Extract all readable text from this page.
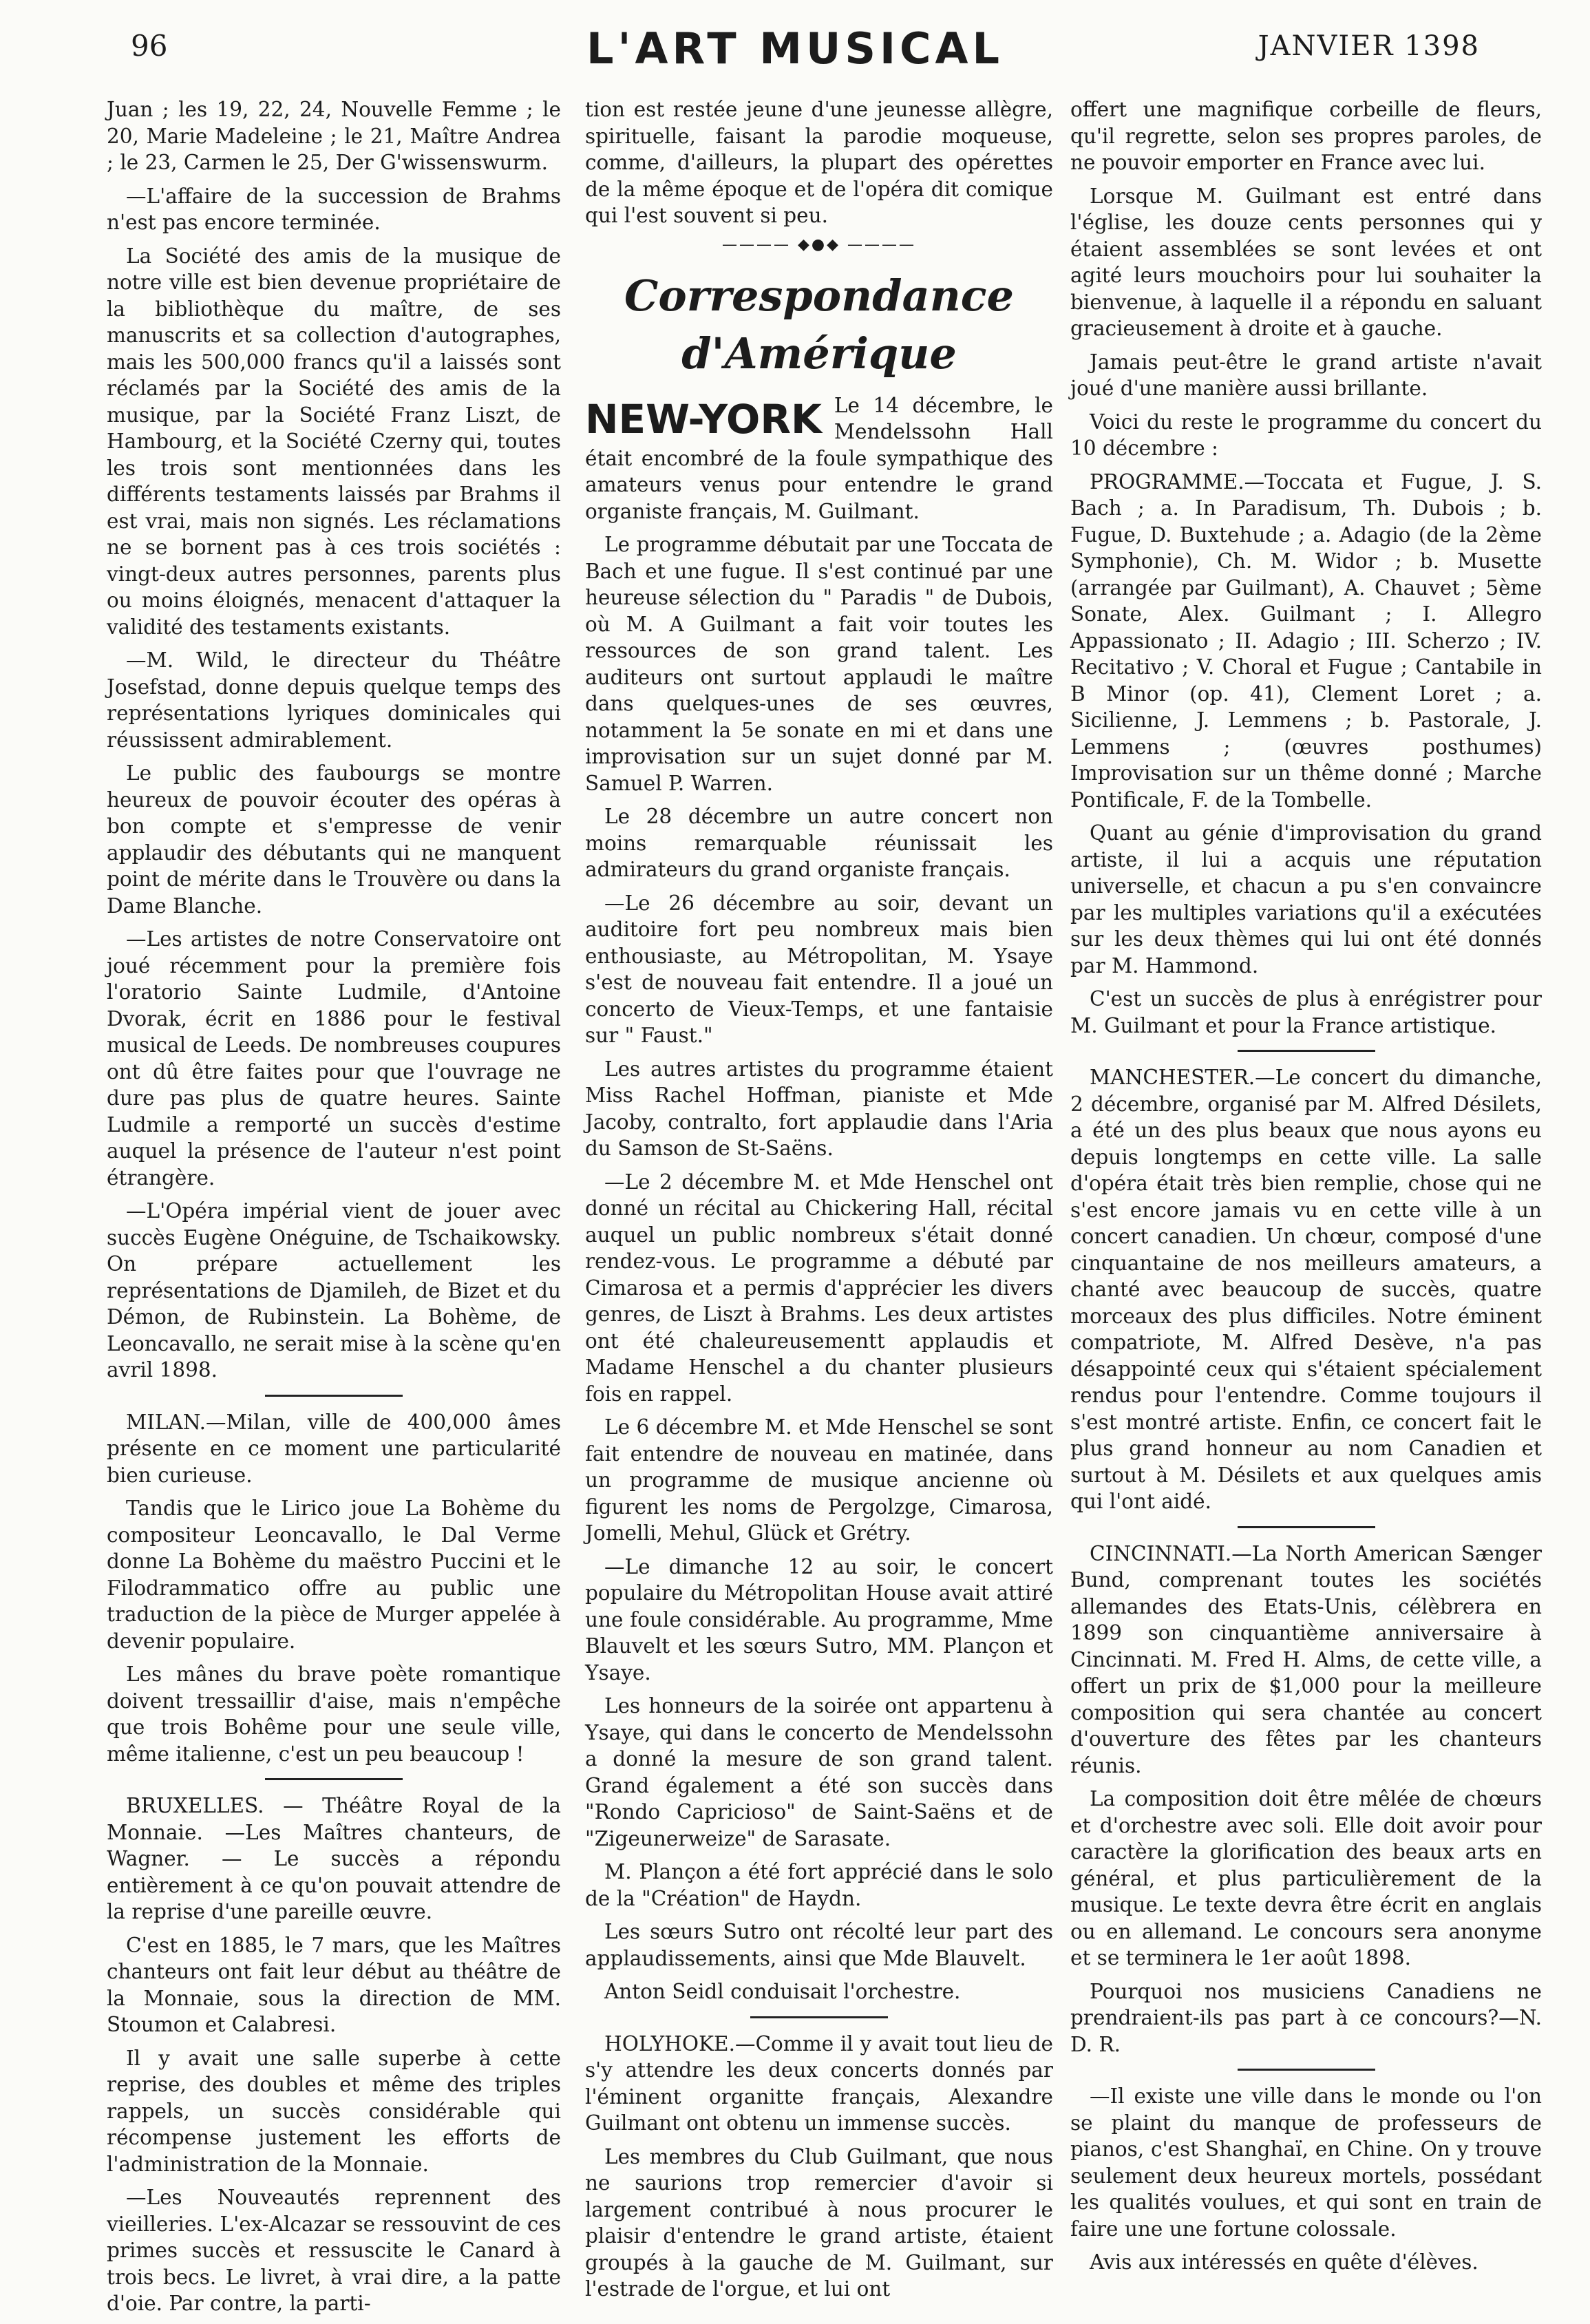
96	L'ART MUSICAL	JANVIER 1398

Juan ; les 19, 22, 24, Nouvelle Femme ; le 20, Marie Madeleine ; le 21, Maître Andrea ; le 23, Carmen le 25, Der G'wissenswurm.

—L'affaire de la succession de Brahms n'est pas encore terminée.

La Société des amis de la musique de notre ville est bien devenue propriétaire de la bibliothèque du maître, de ses manuscrits et sa collection d'autographes, mais les 500,000 francs qu'il a laissés sont réclamés par la Société des amis de la musique, par la Société Franz Liszt, de Hambourg, et la Société Czerny qui, toutes les trois sont mentionnées dans les différents testaments laissés par Brahms il est vrai, mais non signés. Les réclamations ne se bornent pas à ces trois sociétés : vingt-deux autres personnes, parents plus ou moins éloignés, menacent d'attaquer la validité des testaments existants.

—M. Wild, le directeur du Théâtre Josefstad, donne depuis quelque temps des représentations lyriques dominicales qui réussissent admirablement.

Le public des faubourgs se montre heureux de pouvoir écouter des opéras à bon compte et s'empresse de venir applaudir des débutants qui ne manquent point de mérite dans le Trouvère ou dans la Dame Blanche.

—Les artistes de notre Conservatoire ont joué récemment pour la première fois l'oratorio Sainte Ludmile, d'Antoine Dvorak, écrit en 1886 pour le festival musical de Leeds. De nombreuses coupures ont dû être faites pour que l'ouvrage ne dure pas plus de quatre heures. Sainte Ludmile a remporté un succès d'estime auquel la présence de l'auteur n'est point étrangère.

—L'Opéra impérial vient de jouer avec succès Eugène Onéguine, de Tschaikowsky. On prépare actuellement les représentations de Djamileh, de Bizet et du Démon, de Rubinstein. La Bohème, de Leoncavallo, ne serait mise à la scène qu'en avril 1898.

MILAN.—Milan, ville de 400,000 âmes présente en ce moment une particularité bien curieuse.

Tandis que le Lirico joue La Bohème du compositeur Leoncavallo, le Dal Verme donne La Bohème du maëstro Puccini et le Filodrammatico offre au public une traduction de la pièce de Murger appelée à devenir populaire.

Les mânes du brave poète romantique doivent tressaillir d'aise, mais n'empêche que trois Bohême pour une seule ville, même italienne, c'est un peu beaucoup !

BRUXELLES. — Théâtre Royal de la Monnaie. —Les Maîtres chanteurs, de Wagner. — Le succès a répondu entièrement à ce qu'on pouvait attendre de la reprise d'une pareille œuvre.

C'est en 1885, le 7 mars, que les Maîtres chanteurs ont fait leur début au théâtre de la Monnaie, sous la direction de MM. Stoumon et Calabresi.

Il y avait une salle superbe à cette reprise, des doubles et même des triples rappels, un succès considérable qui récompense justement les efforts de l'administration de la Monnaie.

—Les Nouveautés reprennent des vieilleries. L'ex-Alcazar se ressouvint de ces primes succès et ressuscite le Canard à trois becs. Le livret, à vrai dire, a la patte d'oie. Par contre, la parti-

tion est restée jeune d'une jeunesse allègre, spirituelle, faisant la parodie moqueuse, comme, d'ailleurs, la plupart des opérettes de la même époque et de l'opéra dit comique qui l'est souvent si peu.

———— ◆●◆ ————
Correspondance d'Amérique
NEW-YORK Le 14 décembre, le Mendelssohn Hall était encombré de la foule sympathique des amateurs venus pour entendre le grand organiste français, M. Guilmant.

Le programme débutait par une Toccata de Bach et une fugue. Il s'est continué par une heureuse sélection du " Paradis " de Dubois, où M. A Guilmant a fait voir toutes les ressources de son grand talent. Les auditeurs ont surtout applaudi le maître dans quelques-unes de ses œuvres, notamment la 5e sonate en mi et dans une improvisation sur un sujet donné par M. Samuel P. Warren.

Le 28 décembre un autre concert non moins remarquable réunissait les admirateurs du grand organiste français.

—Le 26 décembre au soir, devant un auditoire fort peu nombreux mais bien enthousiaste, au Métropolitan, M. Ysaye s'est de nouveau fait entendre. Il a joué un concerto de Vieux-Temps, et une fantaisie sur " Faust."

Les autres artistes du programme étaient Miss Rachel Hoffman, pianiste et Mde Jacoby, contralto, fort applaudie dans l'Aria du Samson de St-Saëns.

—Le 2 décembre M. et Mde Henschel ont donné un récital au Chickering Hall, récital auquel un public nombreux s'était donné rendez-vous. Le programme a débuté par Cimarosa et a permis d'apprécier les divers genres, de Liszt à Brahms. Les deux artistes ont été chaleureusementt applaudis et Madame Henschel a du chanter plusieurs fois en rappel.

Le 6 décembre M. et Mde Henschel se sont fait entendre de nouveau en matinée, dans un programme de musique ancienne où figurent les noms de Pergolzge, Cimarosa, Jomelli, Mehul, Glück et Grétry.

—Le dimanche 12 au soir, le concert populaire du Métropolitan House avait attiré une foule considérable. Au programme, Mme Blauvelt et les sœurs Sutro, MM. Plançon et Ysaye.

Les honneurs de la soirée ont appartenu à Ysaye, qui dans le concerto de Mendelssohn a donné la mesure de son grand talent. Grand également a été son succès dans "Rondo Capricioso" de Saint-Saëns et de "Zigeunerweize" de Sarasate.

M. Plançon a été fort apprécié dans le solo de la "Création" de Haydn.

Les sœurs Sutro ont récolté leur part des applaudissements, ainsi que Mde Blauvelt.

Anton Seidl conduisait l'orchestre.

HOLYHOKE.—Comme il y avait tout lieu de s'y attendre les deux concerts donnés par l'éminent organitte français, Alexandre Guilmant ont obtenu un immense succès.

Les membres du Club Guilmant, que nous ne saurions trop remercier d'avoir si largement contribué à nous procurer le plaisir d'entendre le grand artiste, étaient groupés à la gauche de M. Guilmant, sur l'estrade de l'orgue, et lui ont

offert une magnifique corbeille de fleurs, qu'il regrette, selon ses propres paroles, de ne pouvoir emporter en France avec lui.

Lorsque M. Guilmant est entré dans l'église, les douze cents personnes qui y étaient assemblées se sont levées et ont agité leurs mouchoirs pour lui souhaiter la bienvenue, à laquelle il a répondu en saluant gracieusement à droite et à gauche.

Jamais peut-être le grand artiste n'avait joué d'une manière aussi brillante.

Voici du reste le programme du concert du 10 décembre :

PROGRAMME.—Toccata et Fugue, J. S. Bach ; a. In Paradisum, Th. Dubois ; b. Fugue, D. Buxtehude ; a. Adagio (de la 2ème Symphonie), Ch. M. Widor ; b. Musette (arrangée par Guilmant), A. Chauvet ; 5ème Sonate, Alex. Guilmant ; I. Allegro Appassionato ; II. Adagio ; III. Scherzo ; IV. Recitativo ; V. Choral et Fugue ; Cantabile in B Minor (op. 41), Clement Loret ; a. Sicilienne, J. Lemmens ; b. Pastorale, J. Lemmens ; (œuvres posthumes) Improvisation sur un thême donné ; Marche Pontificale, F. de la Tombelle.

Quant au génie d'improvisation du grand artiste, il lui a acquis une réputation universelle, et chacun a pu s'en convaincre par les multiples variations qu'il a exécutées sur les deux thèmes qui lui ont été donnés par M. Hammond.

C'est un succès de plus à enrégistrer pour M. Guilmant et pour la France artistique.

MANCHESTER.—Le concert du dimanche, 2 décembre, organisé par M. Alfred Désilets, a été un des plus beaux que nous ayons eu depuis longtemps en cette ville. La salle d'opéra était très bien remplie, chose qui ne s'est encore jamais vu en cette ville à un concert canadien. Un chœur, composé d'une cinquantaine de nos meilleurs amateurs, a chanté avec beaucoup de succès, quatre morceaux des plus difficiles. Notre éminent compatriote, M. Alfred Desève, n'a pas désappointé ceux qui s'étaient spécialement rendus pour l'entendre. Comme toujours il s'est montré artiste. Enfin, ce concert fait le plus grand honneur au nom Canadien et surtout à M. Désilets et aux quelques amis qui l'ont aidé.

CINCINNATI.—La North American Sænger Bund, comprenant toutes les sociétés allemandes des Etats-Unis, célèbrera en 1899 son cinquantième anniversaire à Cincinnati. M. Fred H. Alms, de cette ville, a offert un prix de $1,000 pour la meilleure composition qui sera chantée au concert d'ouverture des fêtes par les chanteurs réunis.

La composition doit être mêlée de chœurs et d'orchestre avec soli. Elle doit avoir pour caractère la glorification des beaux arts en général, et plus particulièrement de la musique. Le texte devra être écrit en anglais ou en allemand. Le concours sera anonyme et se terminera le 1er août 1898.

Pourquoi nos musiciens Canadiens ne prendraient-ils pas part à ce concours?—N. D. R.

—Il existe une ville dans le monde ou l'on se plaint du manque de professeurs de pianos, c'est Shanghaï, en Chine. On y trouve seulement deux heureux mortels, possédant les qualités voulues, et qui sont en train de faire une une fortune colossale.

Avis aux intéressés en quête d'élèves.
